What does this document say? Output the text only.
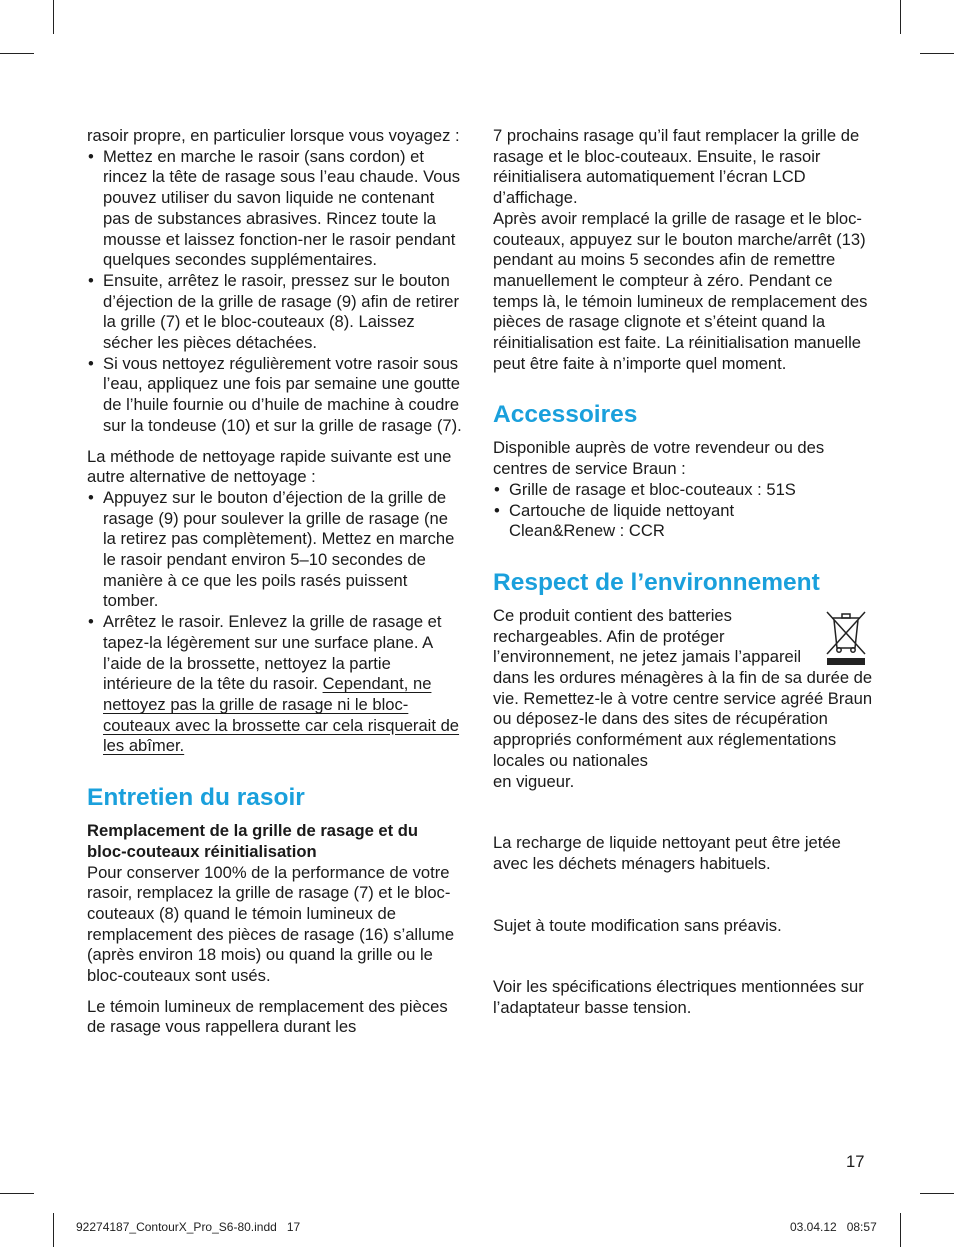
rasoir propre, en particulier lorsque vous voyagez :

• Mettez en marche le rasoir (sans cordon) et rincez la tête de rasage sous l’eau chaude. Vous pouvez utiliser du savon liquide ne contenant pas de substances abrasives. Rincez toute la mousse et laissez fonction-ner le rasoir pendant quelques secondes supplémentaires.
• Ensuite, arrêtez le rasoir, pressez sur le bouton d’éjection de la grille de rasage (9) afin de retirer la grille (7) et le bloc-couteaux (8). Laissez sécher les pièces détachées.
• Si vous nettoyez régulièrement votre rasoir sous l’eau, appliquez une fois par semaine une goutte de l’huile fournie ou d’huile de machine à coudre sur la tondeuse (10) et sur la grille de rasage (7).

La méthode de nettoyage rapide suivante est une autre alternative de nettoyage :

• Appuyez sur le bouton d’éjection de la grille de rasage (9) pour soulever la grille de rasage (ne la retirez pas complètement). Mettez en marche le rasoir pendant environ 5–10 secondes de manière à ce que les poils rasés puissent tomber.
• Arrêtez le rasoir. Enlevez la grille de rasage et tapez-la légèrement sur une surface plane. A l’aide de la brossette, nettoyez la partie intérieure de la tête du rasoir. Cependant, ne nettoyez pas la grille de rasage ni le bloc-couteaux avec la brossette car cela risquerait de les abîmer.
Entretien du rasoir

Remplacement de la grille de rasage et du bloc-couteaux réinitialisation

Pour conserver 100% de la performance de votre rasoir, remplacez la grille de rasage (7) et le bloc-couteaux (8) quand le témoin lumineux de remplacement des pièces de rasage (16) s’allume (après environ 18 mois) ou quand la grille ou le bloc-couteaux sont usés.

Le témoin lumineux de remplacement des pièces de rasage vous rappellera durant les

7 prochains rasage qu’il faut remplacer la grille de rasage et le bloc-couteaux. Ensuite, le rasoir réinitialisera automatiquement l’écran LCD d’affichage.

Après avoir remplacé la grille de rasage et le bloc-couteaux, appuyez sur le bouton marche/arrêt (13) pendant au moins 5 secondes afin de remettre manuellement le compteur à zéro. Pendant ce temps là, le témoin lumineux de remplacement des pièces de rasage clignote et s’éteint quand la réinitialisation est faite. La réinitialisation manuelle peut être faite à n’importe quel moment.

Accessoires

Disponible auprès de votre revendeur ou des centres de service Braun :

• Grille de rasage et bloc-couteaux : 51S
• Cartouche de liquide nettoyant
Clean&Renew : CCR
Respect de l’environnement

Ce produit contient des batteries rechargeables. Afin de protéger l’environnement, ne jetez jamais l’appareil dans les ordures ménagères à la fin de sa durée de vie. Remettez-le à votre centre service agréé Braun ou déposez-le dans des sites de récupération appropriés conformément aux réglementations locales ou nationales
en vigueur.

La recharge de liquide nettoyant peut être jetée avec les déchets ménagers habituels.

Sujet à toute modification sans préavis.

Voir les spécifications électriques mentionnées sur l’adaptateur basse tension.

17
92274187_ContourX_Pro_S6-80.indd   17	03.04.12   08:57
